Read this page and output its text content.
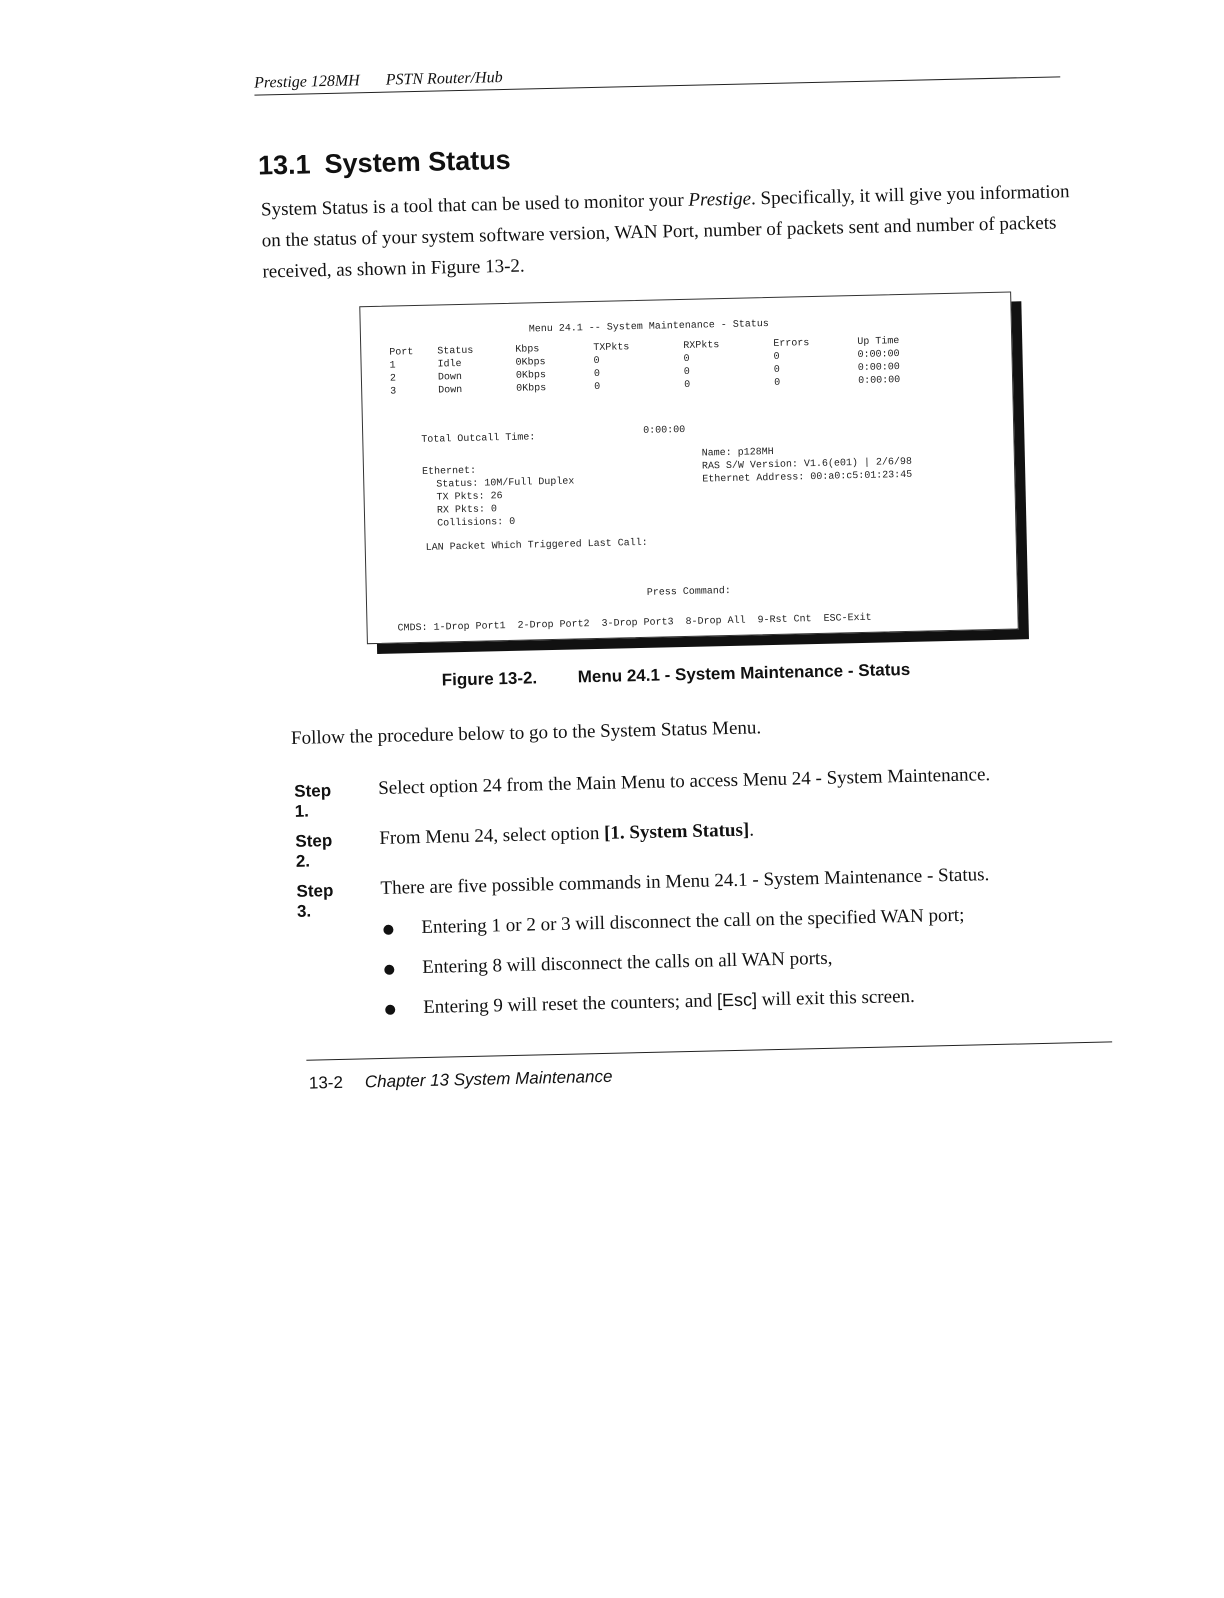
Prestige 128MH PSTN Router/Hub
13.1 System Status

System Status is a tool that can be used to monitor your Prestige. Specifically, it will give you information on the status of your system software version, WAN Port, number of packets sent and number of packets received, as shown in Figure 13-2.

Menu 24.1 -- System Maintenance - Status
Port    Status       Kbps         TXPkts         RXPkts         Errors        Up Time
1       Idle         0Kbps        0              0              0             0:00:00
2       Down         0Kbps        0              0              0             0:00:00
3       Down         0Kbps        0              0              0             0:00:00
Total Outcall Time:
0:00:00
Ethernet:
Status: 10M/Full Duplex
TX Pkts: 26
RX Pkts: 0
Collisions: 0
Name: p128MH
RAS S/W Version: V1.6(e01) | 2/6/98
Ethernet Address: 00:a0:c5:01:23:45
LAN Packet Which Triggered Last Call:
Press Command:
CMDS: 1-Drop Port1  2-Drop Port2  3-Drop Port3  8-Drop All  9-Rst Cnt  ESC-Exit
Figure 13-2. Menu 24.1 - System Maintenance - Status
Follow the procedure below to go to the System Status Menu.
Step 1.
Select option 24 from the Main Menu to access Menu 24 - System Maintenance.
Step 2.
From Menu 24, select option [1. System Status].
Step 3.
There are five possible commands in Menu 24.1 - System Maintenance - Status.
Entering 1 or 2 or 3 will disconnect the call on the specified WAN port;
Entering 8 will disconnect the calls on all WAN ports,
Entering 9 will reset the counters; and [Esc] will exit this screen.
13-2 Chapter 13 System Maintenance
